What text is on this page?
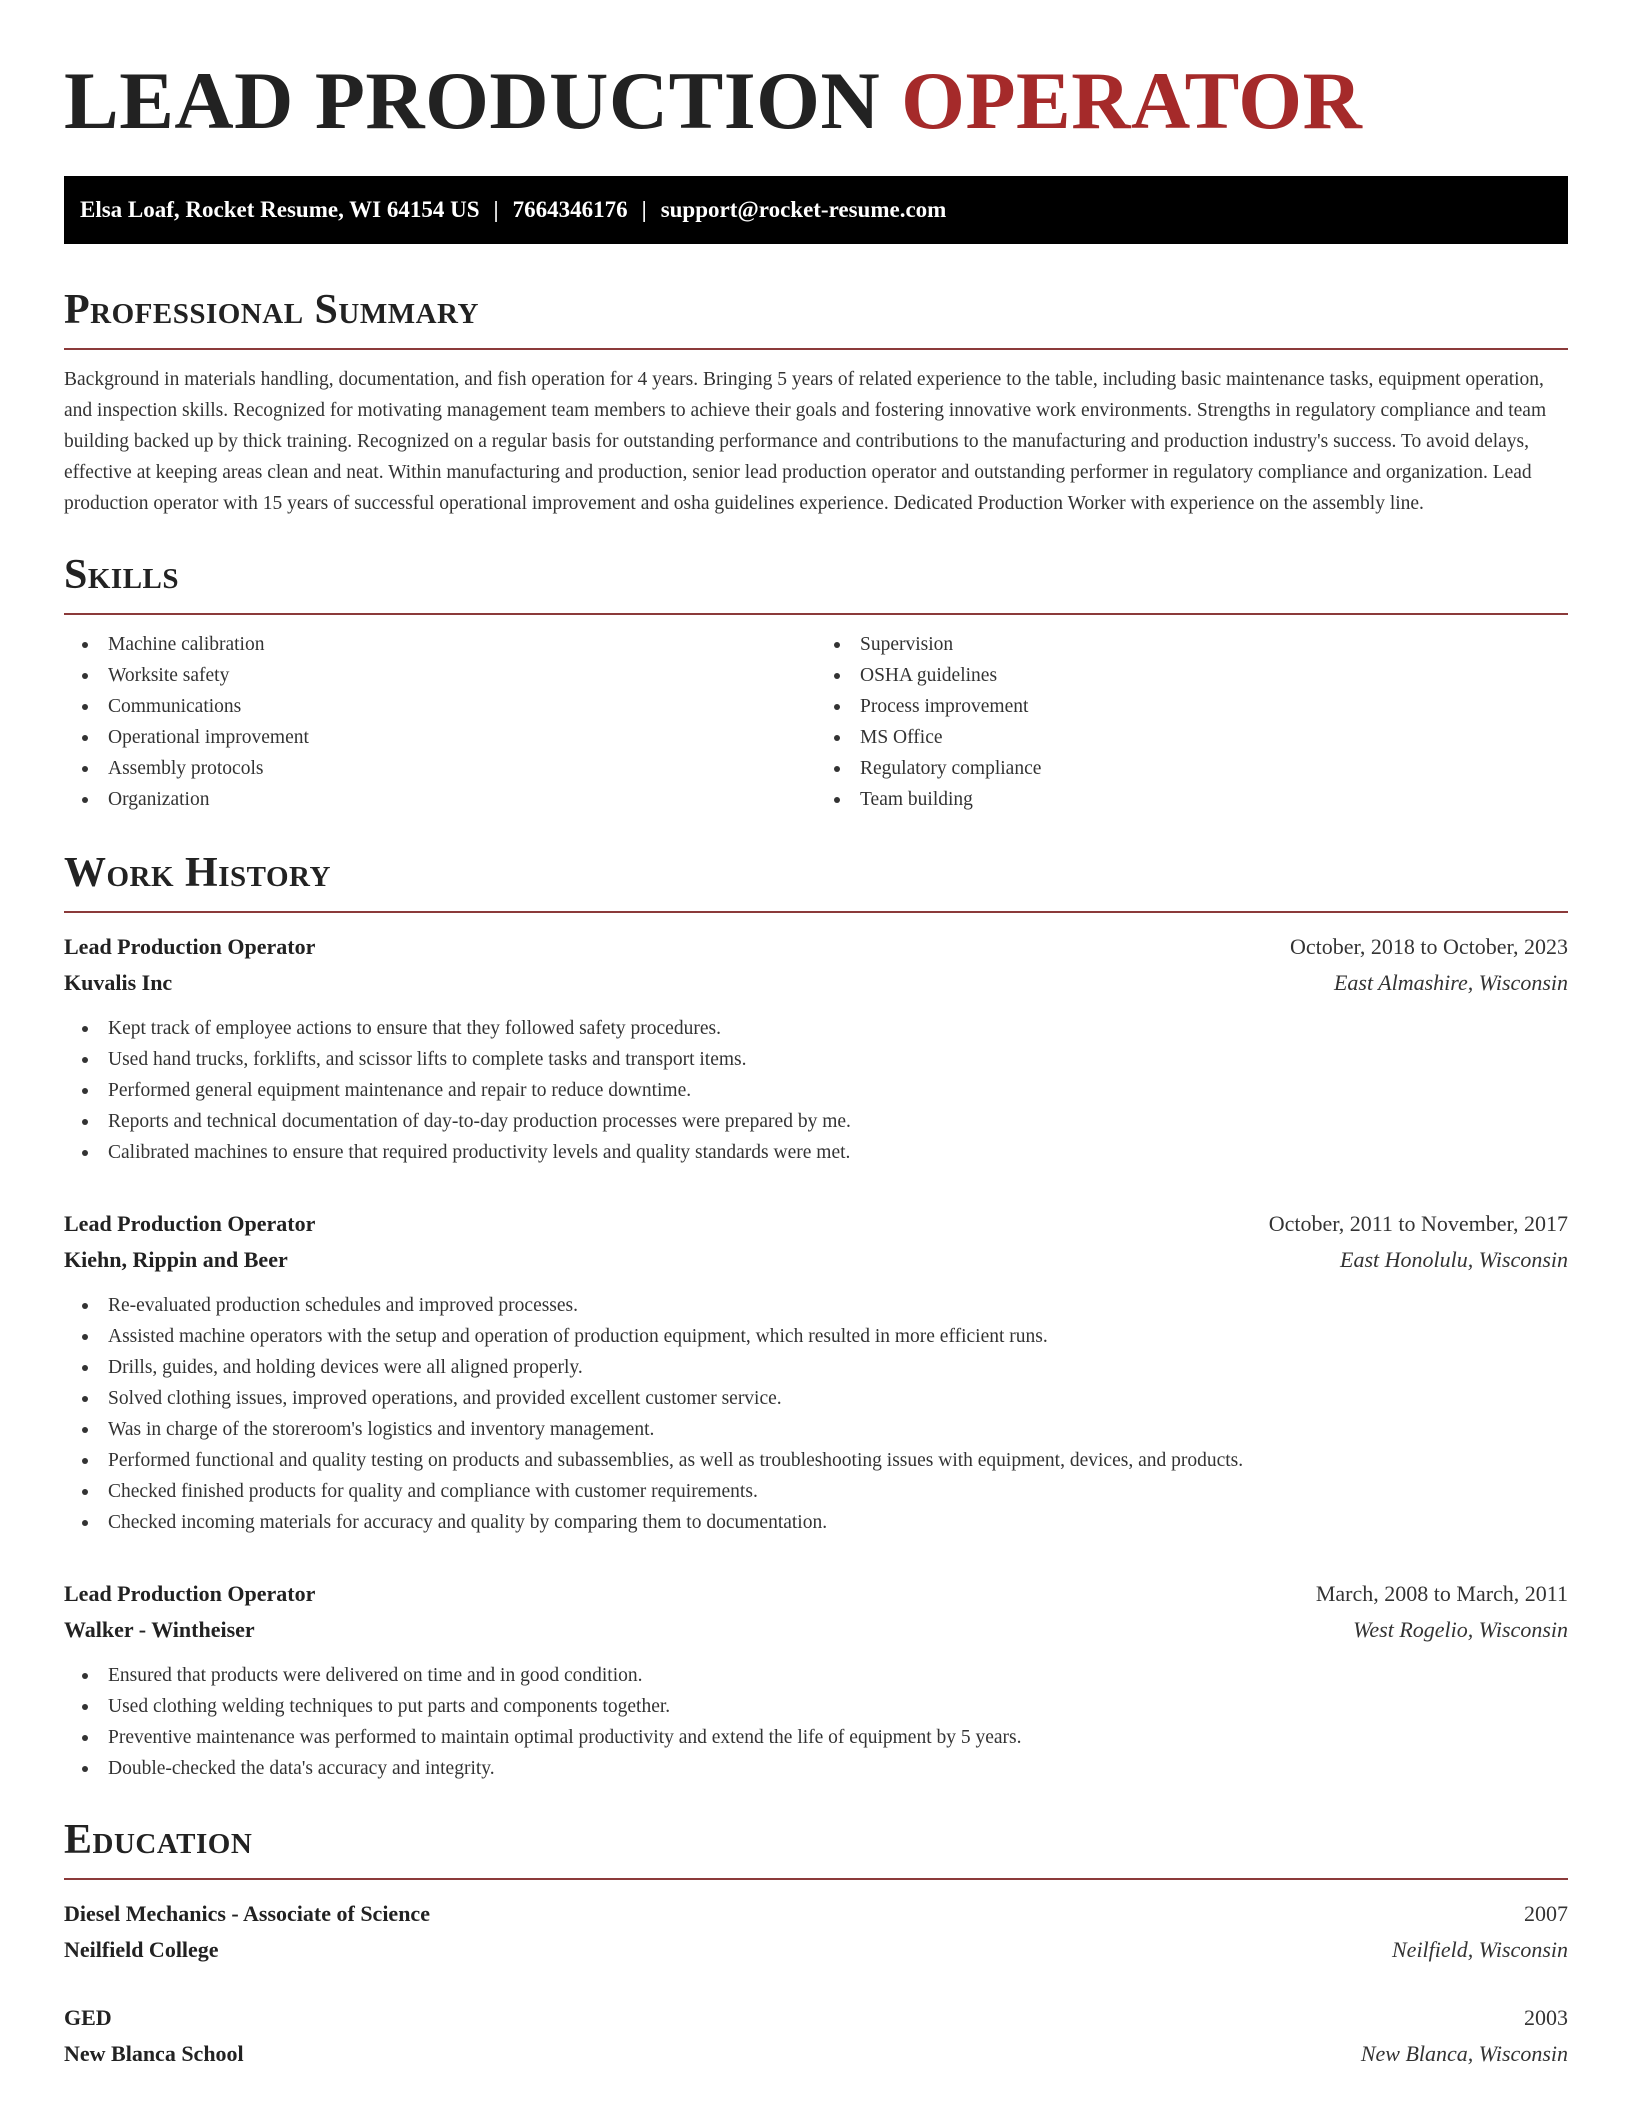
LEAD PRODUCTION OPERATOR
Elsa Loaf, Rocket Resume, WI 64154 US | 7664346176 | support@rocket-resume.com
Professional Summary

Background in materials handling, documentation, and fish operation for 4 years. Bringing 5 years of related experience to the table, including basic maintenance tasks, equipment operation, and inspection skills. Recognized for motivating management team members to achieve their goals and fostering innovative work environments. Strengths in regulatory compliance and team building backed up by thick training. Recognized on a regular basis for outstanding performance and contributions to the manufacturing and production industry's success. To avoid delays, effective at keeping areas clean and neat. Within manufacturing and production, senior lead production operator and outstanding performer in regulatory compliance and organization. Lead production operator with 15 years of successful operational improvement and osha guidelines experience. Dedicated Production Worker with experience on the assembly line.

Skills
Machine calibration
Worksite safety
Communications
Operational improvement
Assembly protocols
Organization
Supervision
OSHA guidelines
Process improvement
MS Office
Regulatory compliance
Team building
Work History
Lead Production Operator	October, 2018 to October, 2023
Kuvalis Inc	East Almashire, Wisconsin
Kept track of employee actions to ensure that they followed safety procedures.
Used hand trucks, forklifts, and scissor lifts to complete tasks and transport items.
Performed general equipment maintenance and repair to reduce downtime.
Reports and technical documentation of day-to-day production processes were prepared by me.
Calibrated machines to ensure that required productivity levels and quality standards were met.
Lead Production Operator	October, 2011 to November, 2017
Kiehn, Rippin and Beer	East Honolulu, Wisconsin
Re-evaluated production schedules and improved processes.
Assisted machine operators with the setup and operation of production equipment, which resulted in more efficient runs.
Drills, guides, and holding devices were all aligned properly.
Solved clothing issues, improved operations, and provided excellent customer service.
Was in charge of the storeroom's logistics and inventory management.
Performed functional and quality testing on products and subassemblies, as well as troubleshooting issues with equipment, devices, and products.
Checked finished products for quality and compliance with customer requirements.
Checked incoming materials for accuracy and quality by comparing them to documentation.
Lead Production Operator	March, 2008 to March, 2011
Walker - Wintheiser	West Rogelio, Wisconsin
Ensured that products were delivered on time and in good condition.
Used clothing welding techniques to put parts and components together.
Preventive maintenance was performed to maintain optimal productivity and extend the life of equipment by 5 years.
Double-checked the data's accuracy and integrity.
Education
Diesel Mechanics - Associate of Science	2007
Neilfield College	Neilfield, Wisconsin
GED	2003
New Blanca School	New Blanca, Wisconsin
